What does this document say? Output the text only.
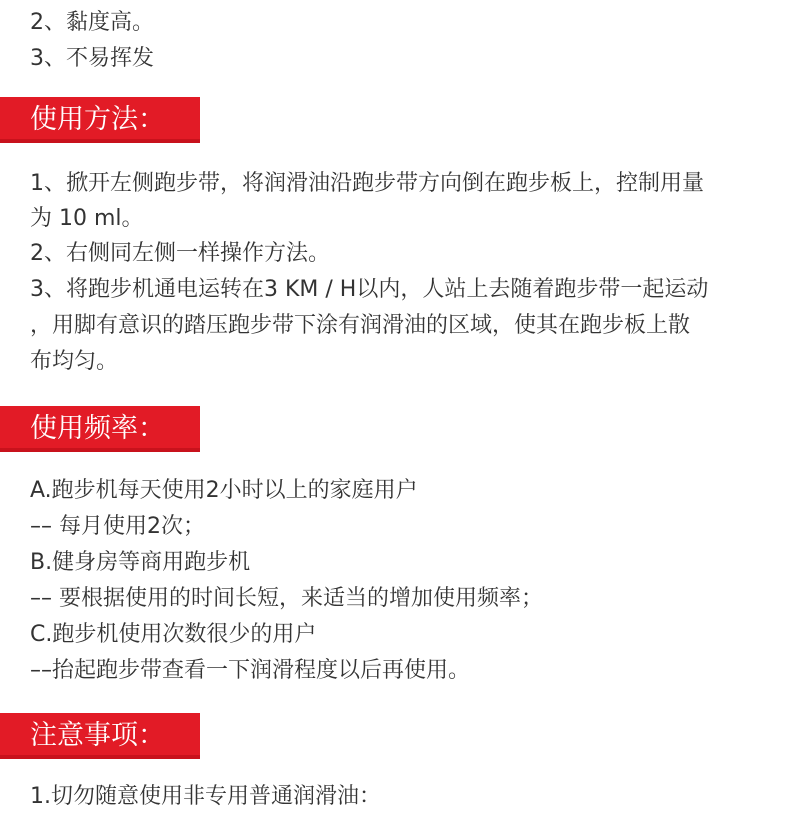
2、黏度高。
3、不易挥发
使用方法：
1、掀开左侧跑步带，将润滑油沿跑步带方向倒在跑步板上，控制用量
为 10 ml。
2、右侧同左侧一样操作方法。
3、将跑步机通电运转在3 KM / H以内，人站上去随着跑步带一起运动
，用脚有意识的踏压跑步带下涂有润滑油的区域，使其在跑步板上散
布均匀。
使用频率：
A.跑步机每天使用2小时以上的家庭用户
–– 每月使用2次；
B.健身房等商用跑步机
–– 要根据使用的时间长短，来适当的增加使用频率；
C.跑步机使用次数很少的用户
––抬起跑步带查看一下润滑程度以后再使用。
注意事项：
1.切勿随意使用非专用普通润滑油：
